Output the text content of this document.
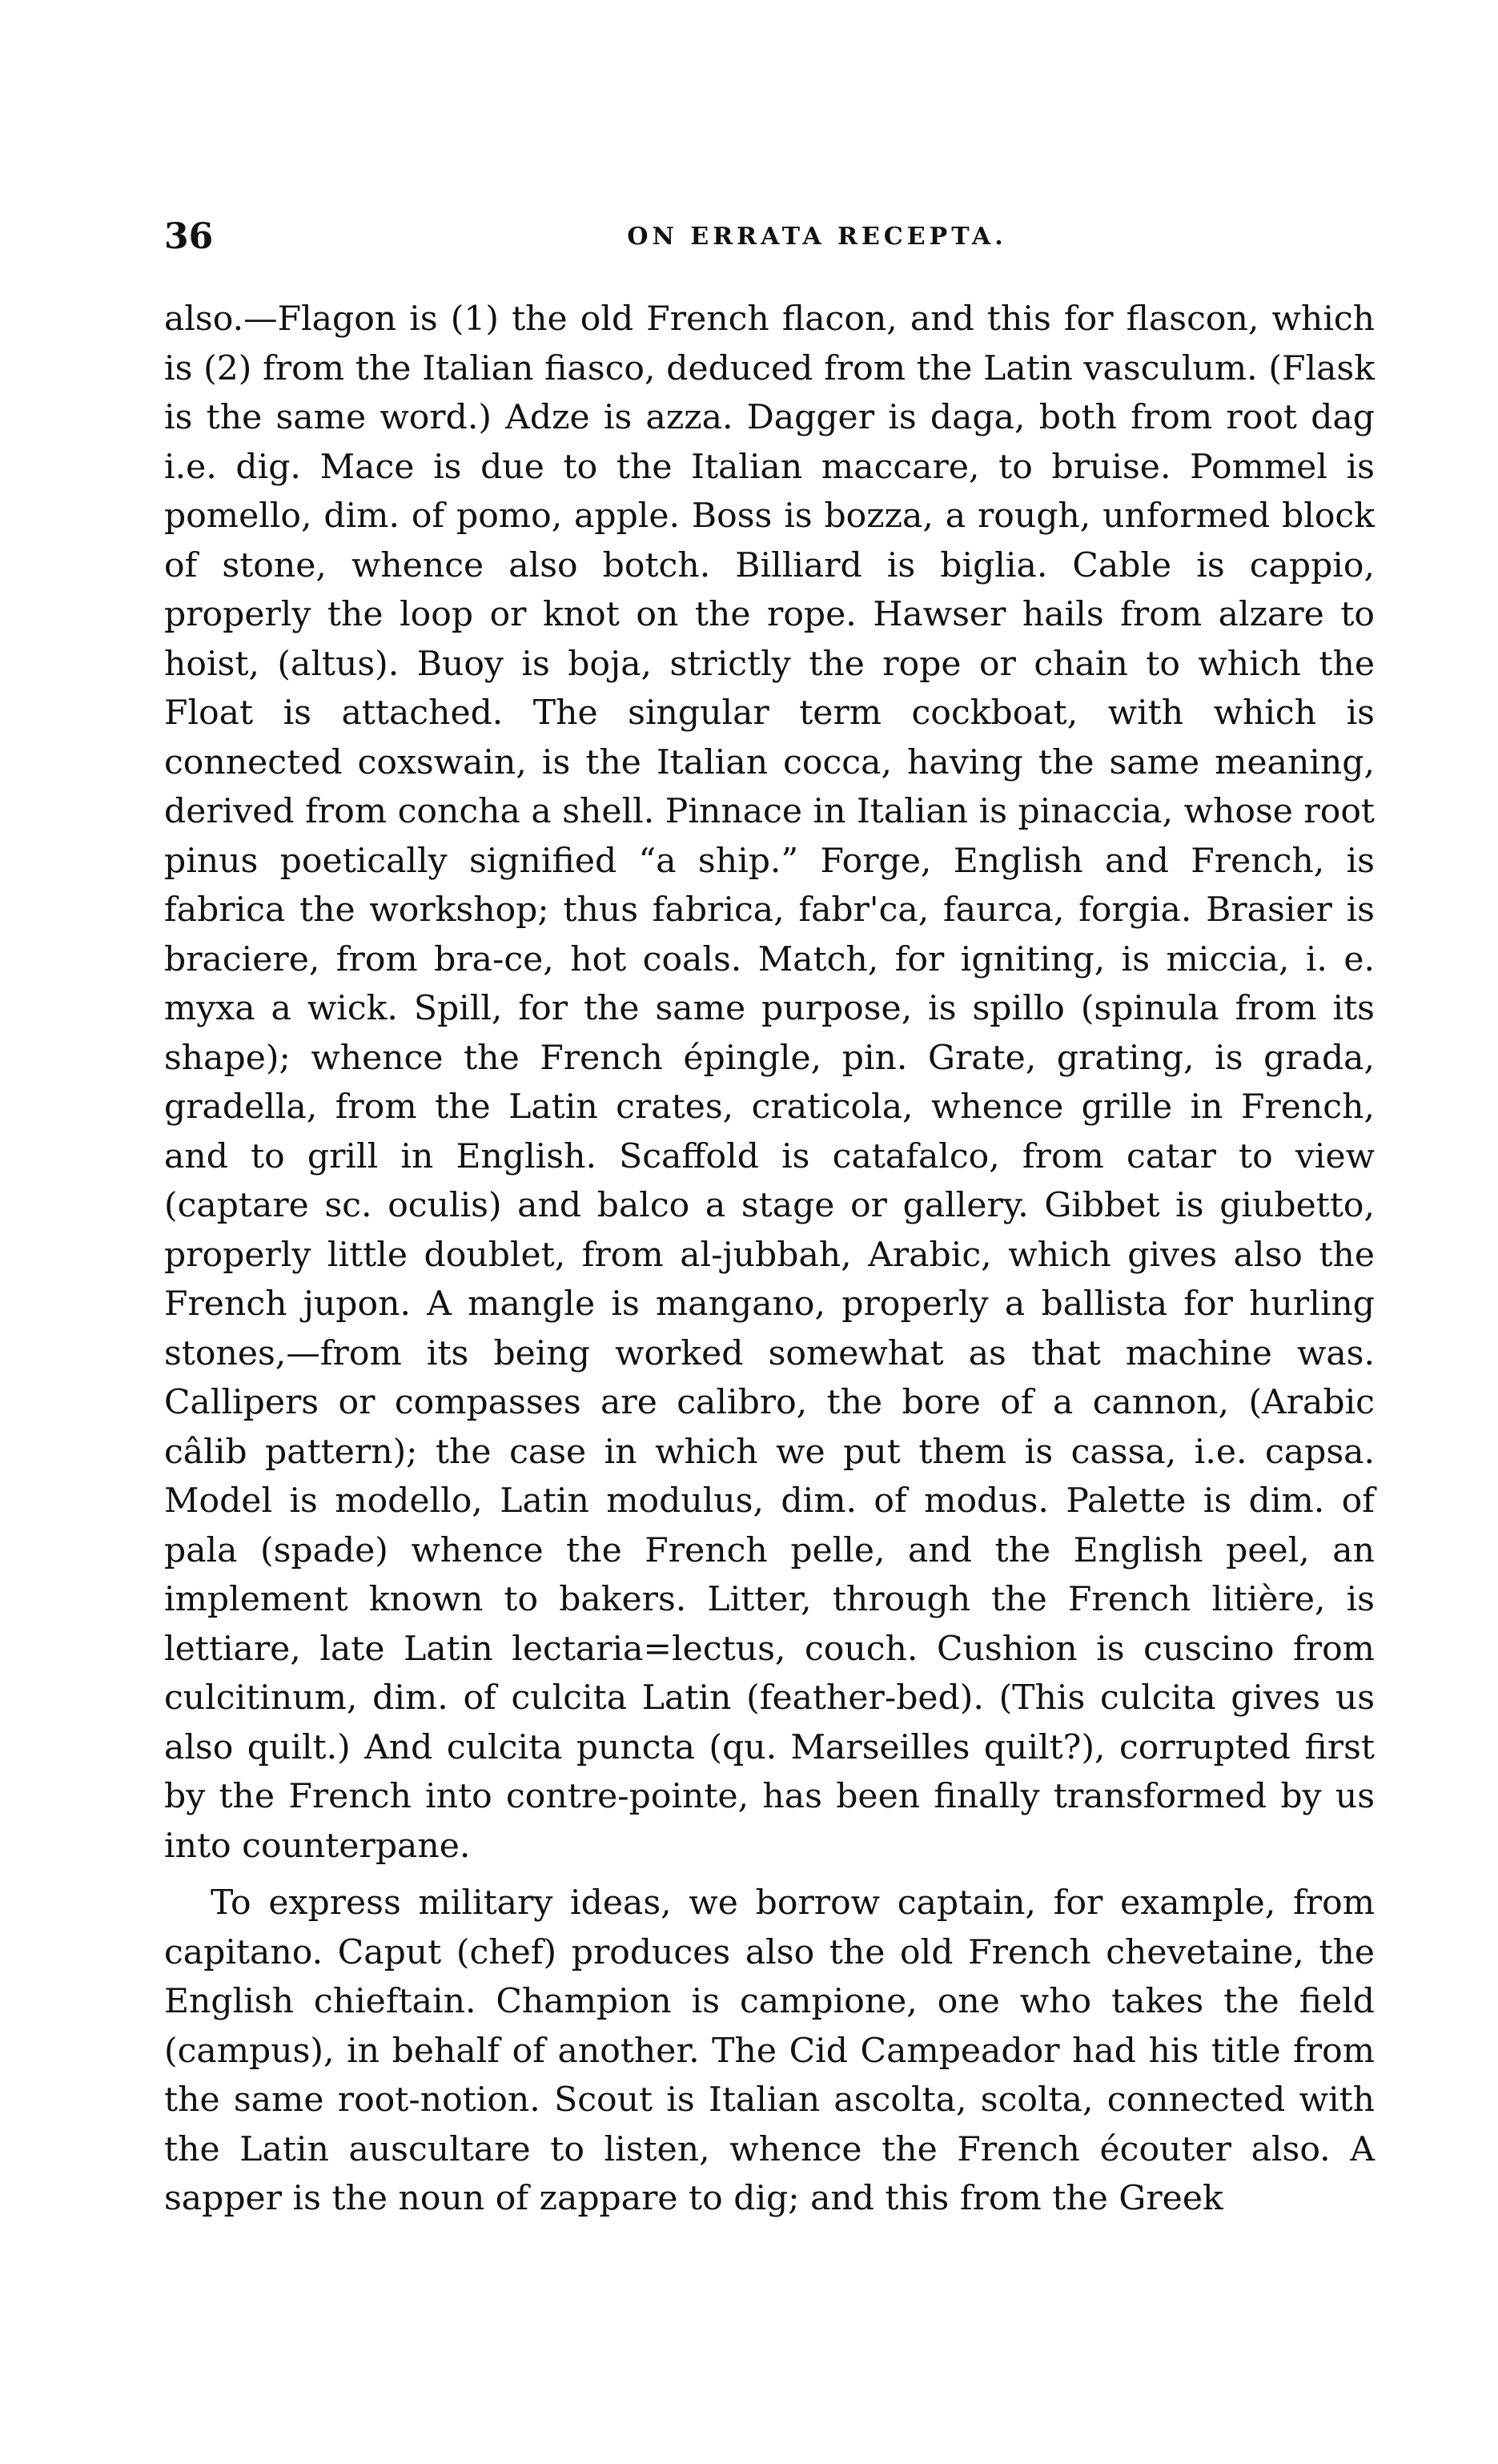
36	ON ERRATA RECEPTA.

also.—Flagon is (1) the old French flacon, and this for flascon, which is (2) from the Italian fiasco, deduced from the Latin vasculum. (Flask is the same word.) Adze is azza. Dagger is daga, both from root dag i.e. dig. Mace is due to the Italian maccare, to bruise. Pommel is pomello, dim. of pomo, apple. Boss is bozza, a rough, unformed block of stone, whence also botch. Billiard is biglia. Cable is cappio, properly the loop or knot on the rope. Hawser hails from alzare to hoist, (altus). Buoy is boja, strictly the rope or chain to which the Float is attached. The singular term cockboat, with which is connected coxswain, is the Italian cocca, having the same meaning, derived from concha a shell. Pinnace in Italian is pinaccia, whose root pinus poetically signified “a ship.” Forge, English and French, is fabrica the workshop; thus fabrica, fabr'ca, faurca, forgia. Brasier is braciere, from bra-ce, hot coals. Match, for igniting, is miccia, i. e. myxa a wick. Spill, for the same purpose, is spillo (spinula from its shape); whence the French épingle, pin. Grate, grating, is grada, gradella, from the Latin crates, craticola, whence grille in French, and to grill in English. Scaffold is catafalco, from catar to view (captare sc. oculis) and balco a stage or gallery. Gibbet is giubetto, properly little doublet, from al-jubbah, Arabic, which gives also the French jupon. A mangle is mangano, properly a ballista for hurling stones,—from its being worked somewhat as that machine was. Callipers or compasses are calibro, the bore of a cannon, (Arabic câlib pattern); the case in which we put them is cassa, i.e. capsa. Model is modello, Latin modulus, dim. of modus. Palette is dim. of pala (spade) whence the French pelle, and the English peel, an implement known to bakers. Litter, through the French litière, is lettiare, late Latin lectaria=lectus, couch. Cushion is cuscino from culcitinum, dim. of culcita Latin (feather-bed). (This culcita gives us also quilt.) And culcita puncta (qu. Marseilles quilt?), corrupted first by the French into contre-pointe, has been finally transformed by us into counterpane.

To express military ideas, we borrow captain, for example, from capitano. Caput (chef) produces also the old French chevetaine, the English chieftain. Champion is campione, one who takes the field (campus), in behalf of another. The Cid Campeador had his title from the same root-notion. Scout is Italian ascolta, scolta, connected with the Latin auscultare to listen, whence the French écouter also. A sapper is the noun of zappare to dig; and this from the Greek
